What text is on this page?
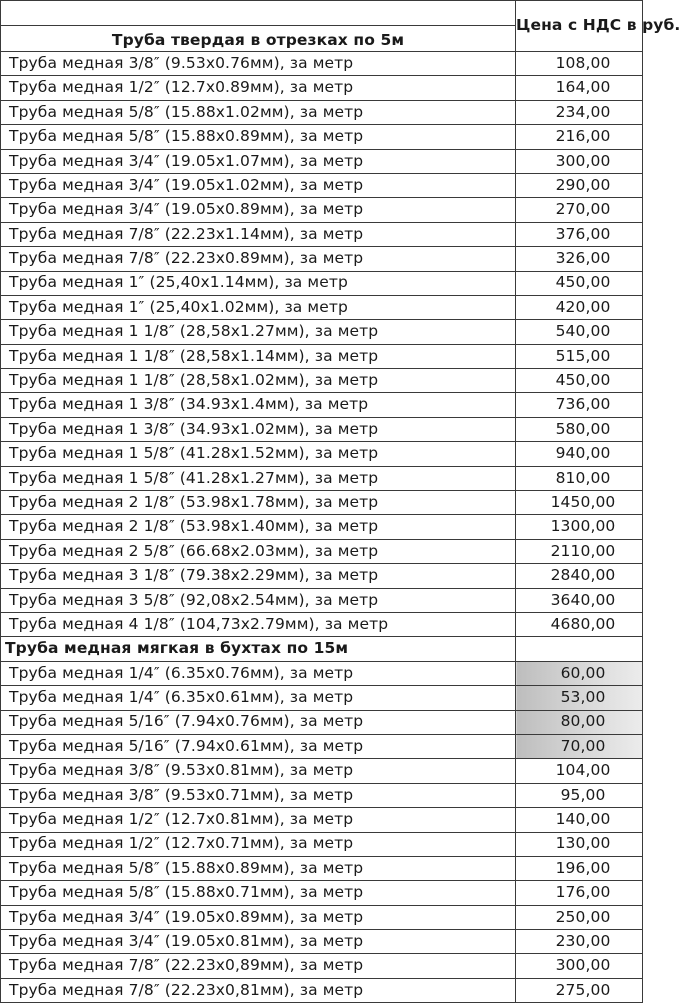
	Цена с НДС в руб.
Труба твердая в отрезках по 5м	
Труба медная 3/8″ (9.53x0.76мм), за метр	108,00
Труба медная 1/2″ (12.7x0.89мм), за метр	164,00
Труба медная 5/8″ (15.88x1.02мм), за метр	234,00
Труба медная 5/8″ (15.88x0.89мм), за метр	216,00
Труба медная 3/4″ (19.05x1.07мм), за метр	300,00
Труба медная 3/4″ (19.05x1.02мм), за метр	290,00
Труба медная 3/4″ (19.05x0.89мм), за метр	270,00
Труба медная 7/8″ (22.23x1.14мм), за метр	376,00
Труба медная 7/8″ (22.23x0.89мм), за метр	326,00
Труба медная 1″ (25,40x1.14мм), за метр	450,00
Труба медная 1″ (25,40x1.02мм), за метр	420,00
Труба медная 1 1/8″ (28,58x1.27мм), за метр	540,00
Труба медная 1 1/8″ (28,58x1.14мм), за метр	515,00
Труба медная 1 1/8″ (28,58x1.02мм), за метр	450,00
Труба медная 1 3/8″ (34.93x1.4мм), за метр	736,00
Труба медная 1 3/8″ (34.93x1.02мм), за метр	580,00
Труба медная 1 5/8″ (41.28x1.52мм), за метр	940,00
Труба медная 1 5/8″ (41.28x1.27мм), за метр	810,00
Труба медная 2 1/8″ (53.98x1.78мм), за метр	1450,00
Труба медная 2 1/8″ (53.98x1.40мм), за метр	1300,00
Труба медная 2 5/8″ (66.68x2.03мм), за метр	2110,00
Труба медная 3 1/8″ (79.38x2.29мм), за метр	2840,00
Труба медная 3 5/8″ (92,08x2.54мм), за метр	3640,00
Труба медная 4 1/8″ (104,73x2.79мм), за метр	4680,00
Труба медная мягкая в бухтах по 15м	
Труба медная 1/4″ (6.35x0.76мм), за метр	60,00
Труба медная 1/4″ (6.35x0.61мм), за метр	53,00
Труба медная 5/16″ (7.94x0.76мм), за метр	80,00
Труба медная 5/16″ (7.94x0.61мм), за метр	70,00
Труба медная 3/8″ (9.53x0.81мм), за метр	104,00
Труба медная 3/8″ (9.53x0.71мм), за метр	95,00
Труба медная 1/2″ (12.7x0.81мм), за метр	140,00
Труба медная 1/2″ (12.7x0.71мм), за метр	130,00
Труба медная 5/8″ (15.88x0.89мм), за метр	196,00
Труба медная 5/8″ (15.88x0.71мм), за метр	176,00
Труба медная 3/4″ (19.05x0.89мм), за метр	250,00
Труба медная 3/4″ (19.05x0.81мм), за метр	230,00
Труба медная 7/8″ (22.23x0,89мм), за метр	300,00
Труба медная 7/8″ (22.23x0,81мм), за метр	275,00
